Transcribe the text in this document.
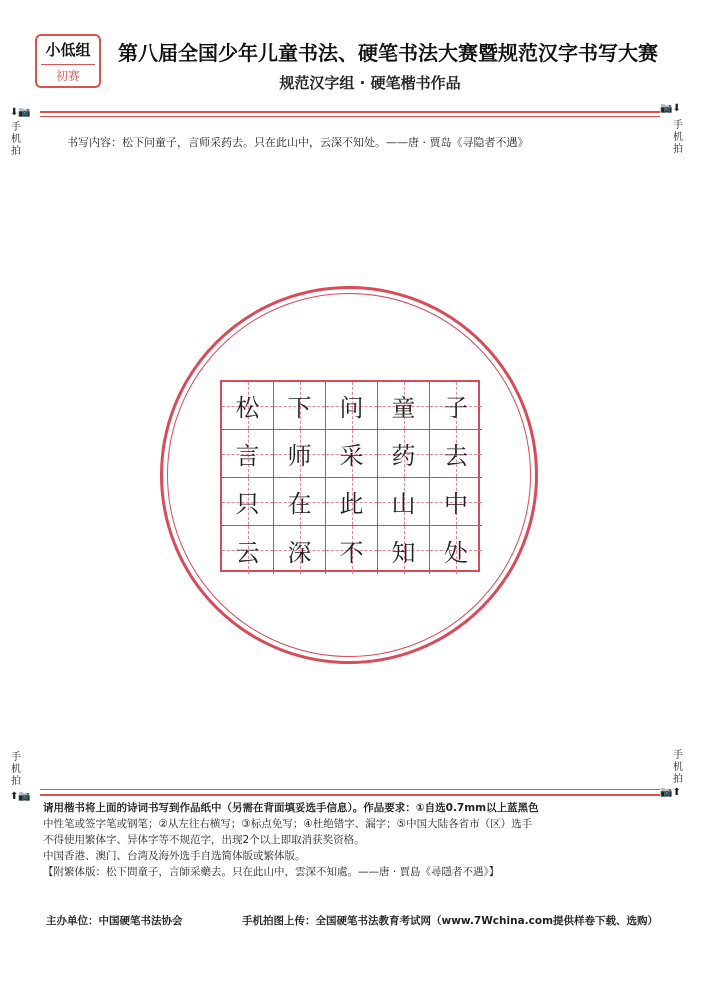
小低组
初赛
第八届全国少年儿童书法、硬笔书法大赛暨规范汉字书写大赛
规范汉字组 · 硬笔楷书作品
⬇📷
手
机
拍
📷⬇
手
机
拍
书写内容：松下问童子，言师采药去。只在此山中，云深不知处。——唐 · 贾岛《寻隐者不遇》
松 下 问 童 子
言 师 采 药 去
只 在 此 山 中
云 深 不 知 处
手
机
拍
⬆📷
手
机
拍
📷⬆
请用楷书将上面的诗词书写到作品纸中（另需在背面填妥选手信息）。作品要求：①自选0.7mm以上蓝黑色
中性笔或签字笔或钢笔；②从左往右横写；③标点免写；④杜绝错字、漏字；⑤中国大陆各省市（区）选手
不得使用繁体字、异体字等不规范字，出现2个以上即取消获奖资格。
中国香港、澳门、台湾及海外选手自选简体版或繁体版。
【附繁体版：松下問童子，言師采藥去。只在此山中，雲深不知處。——唐 · 賈島《尋隱者不遇》】
主办单位：中国硬笔书法协会	手机拍图上传：全国硬笔书法教育考试网（www.7Wchina.com提供样卷下载、选购）
